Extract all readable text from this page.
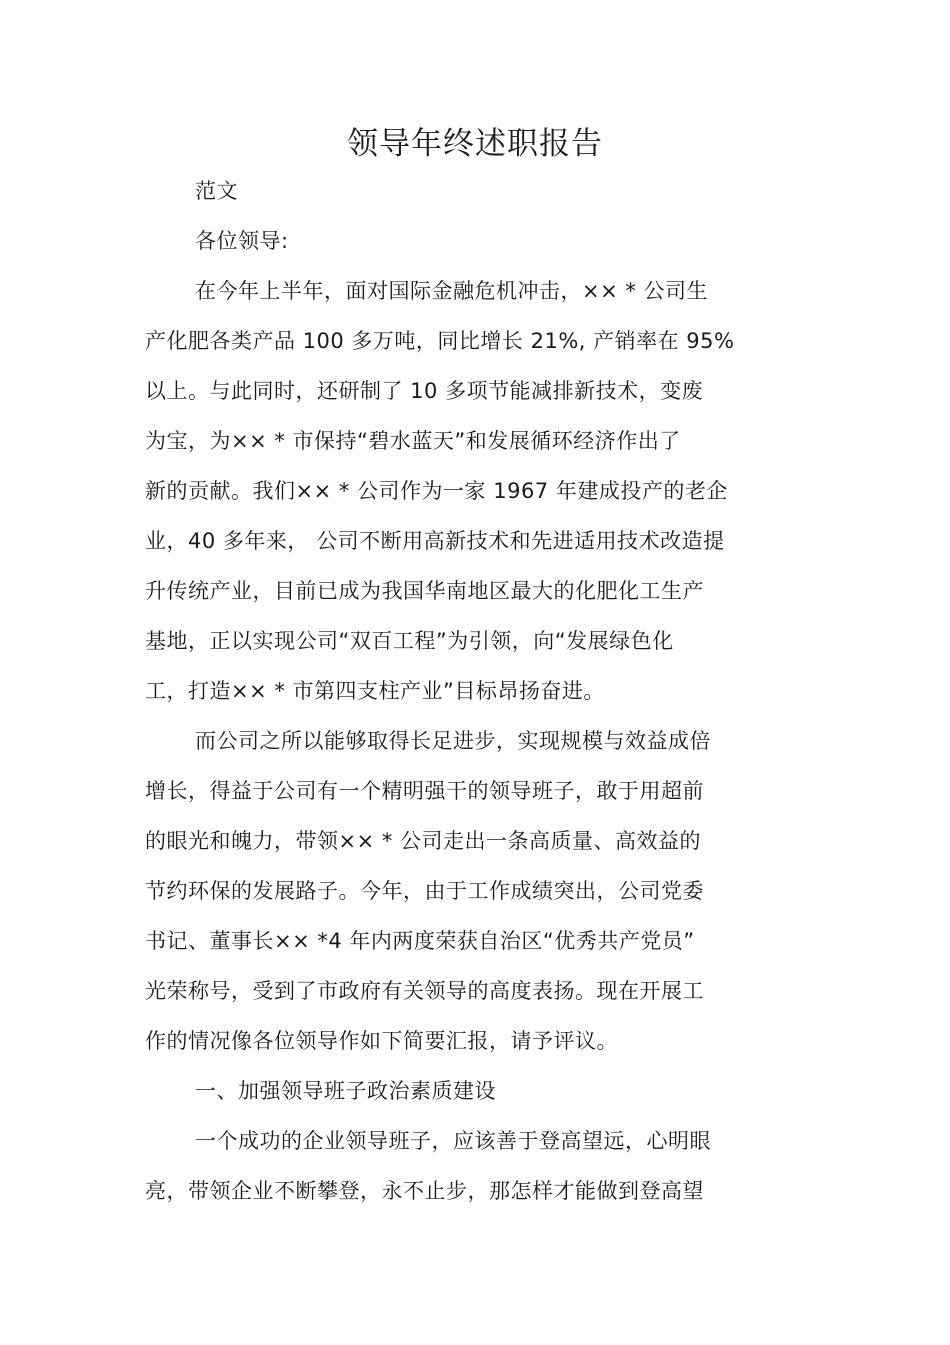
领导年终述职报告
范文
各位领导:
在今年上半年，面对国际金融危机冲击，×× * 公司生
产化肥各类产品 100 多万吨，同比增长 21%, 产销率在 95%
以上。与此同时，还研制了 10 多项节能减排新技术，变废
为宝，为×× * 市保持“碧水蓝天”和发展循环经济作出了
新的贡献。我们×× * 公司作为一家 1967 年建成投产的老企
业，40 多年来， 公司不断用高新技术和先进适用技术改造提
升传统产业，目前已成为我国华南地区最大的化肥化工生产
基地，正以实现公司“双百工程”为引领，向“发展绿色化
工，打造×× * 市第四支柱产业”目标昂扬奋进。
而公司之所以能够取得长足进步，实现规模与效益成倍
增长，得益于公司有一个精明强干的领导班子，敢于用超前
的眼光和魄力，带领×× * 公司走出一条高质量、高效益的
节约环保的发展路子。今年，由于工作成绩突出，公司党委
书记、董事长×× *4 年内两度荣获自治区“优秀共产党员”
光荣称号，受到了市政府有关领导的高度表扬。现在开展工
作的情况像各位领导作如下简要汇报，请予评议。
一、加强领导班子政治素质建设
一个成功的企业领导班子，应该善于登高望远，心明眼
亮，带领企业不断攀登，永不止步，那怎样才能做到登高望
